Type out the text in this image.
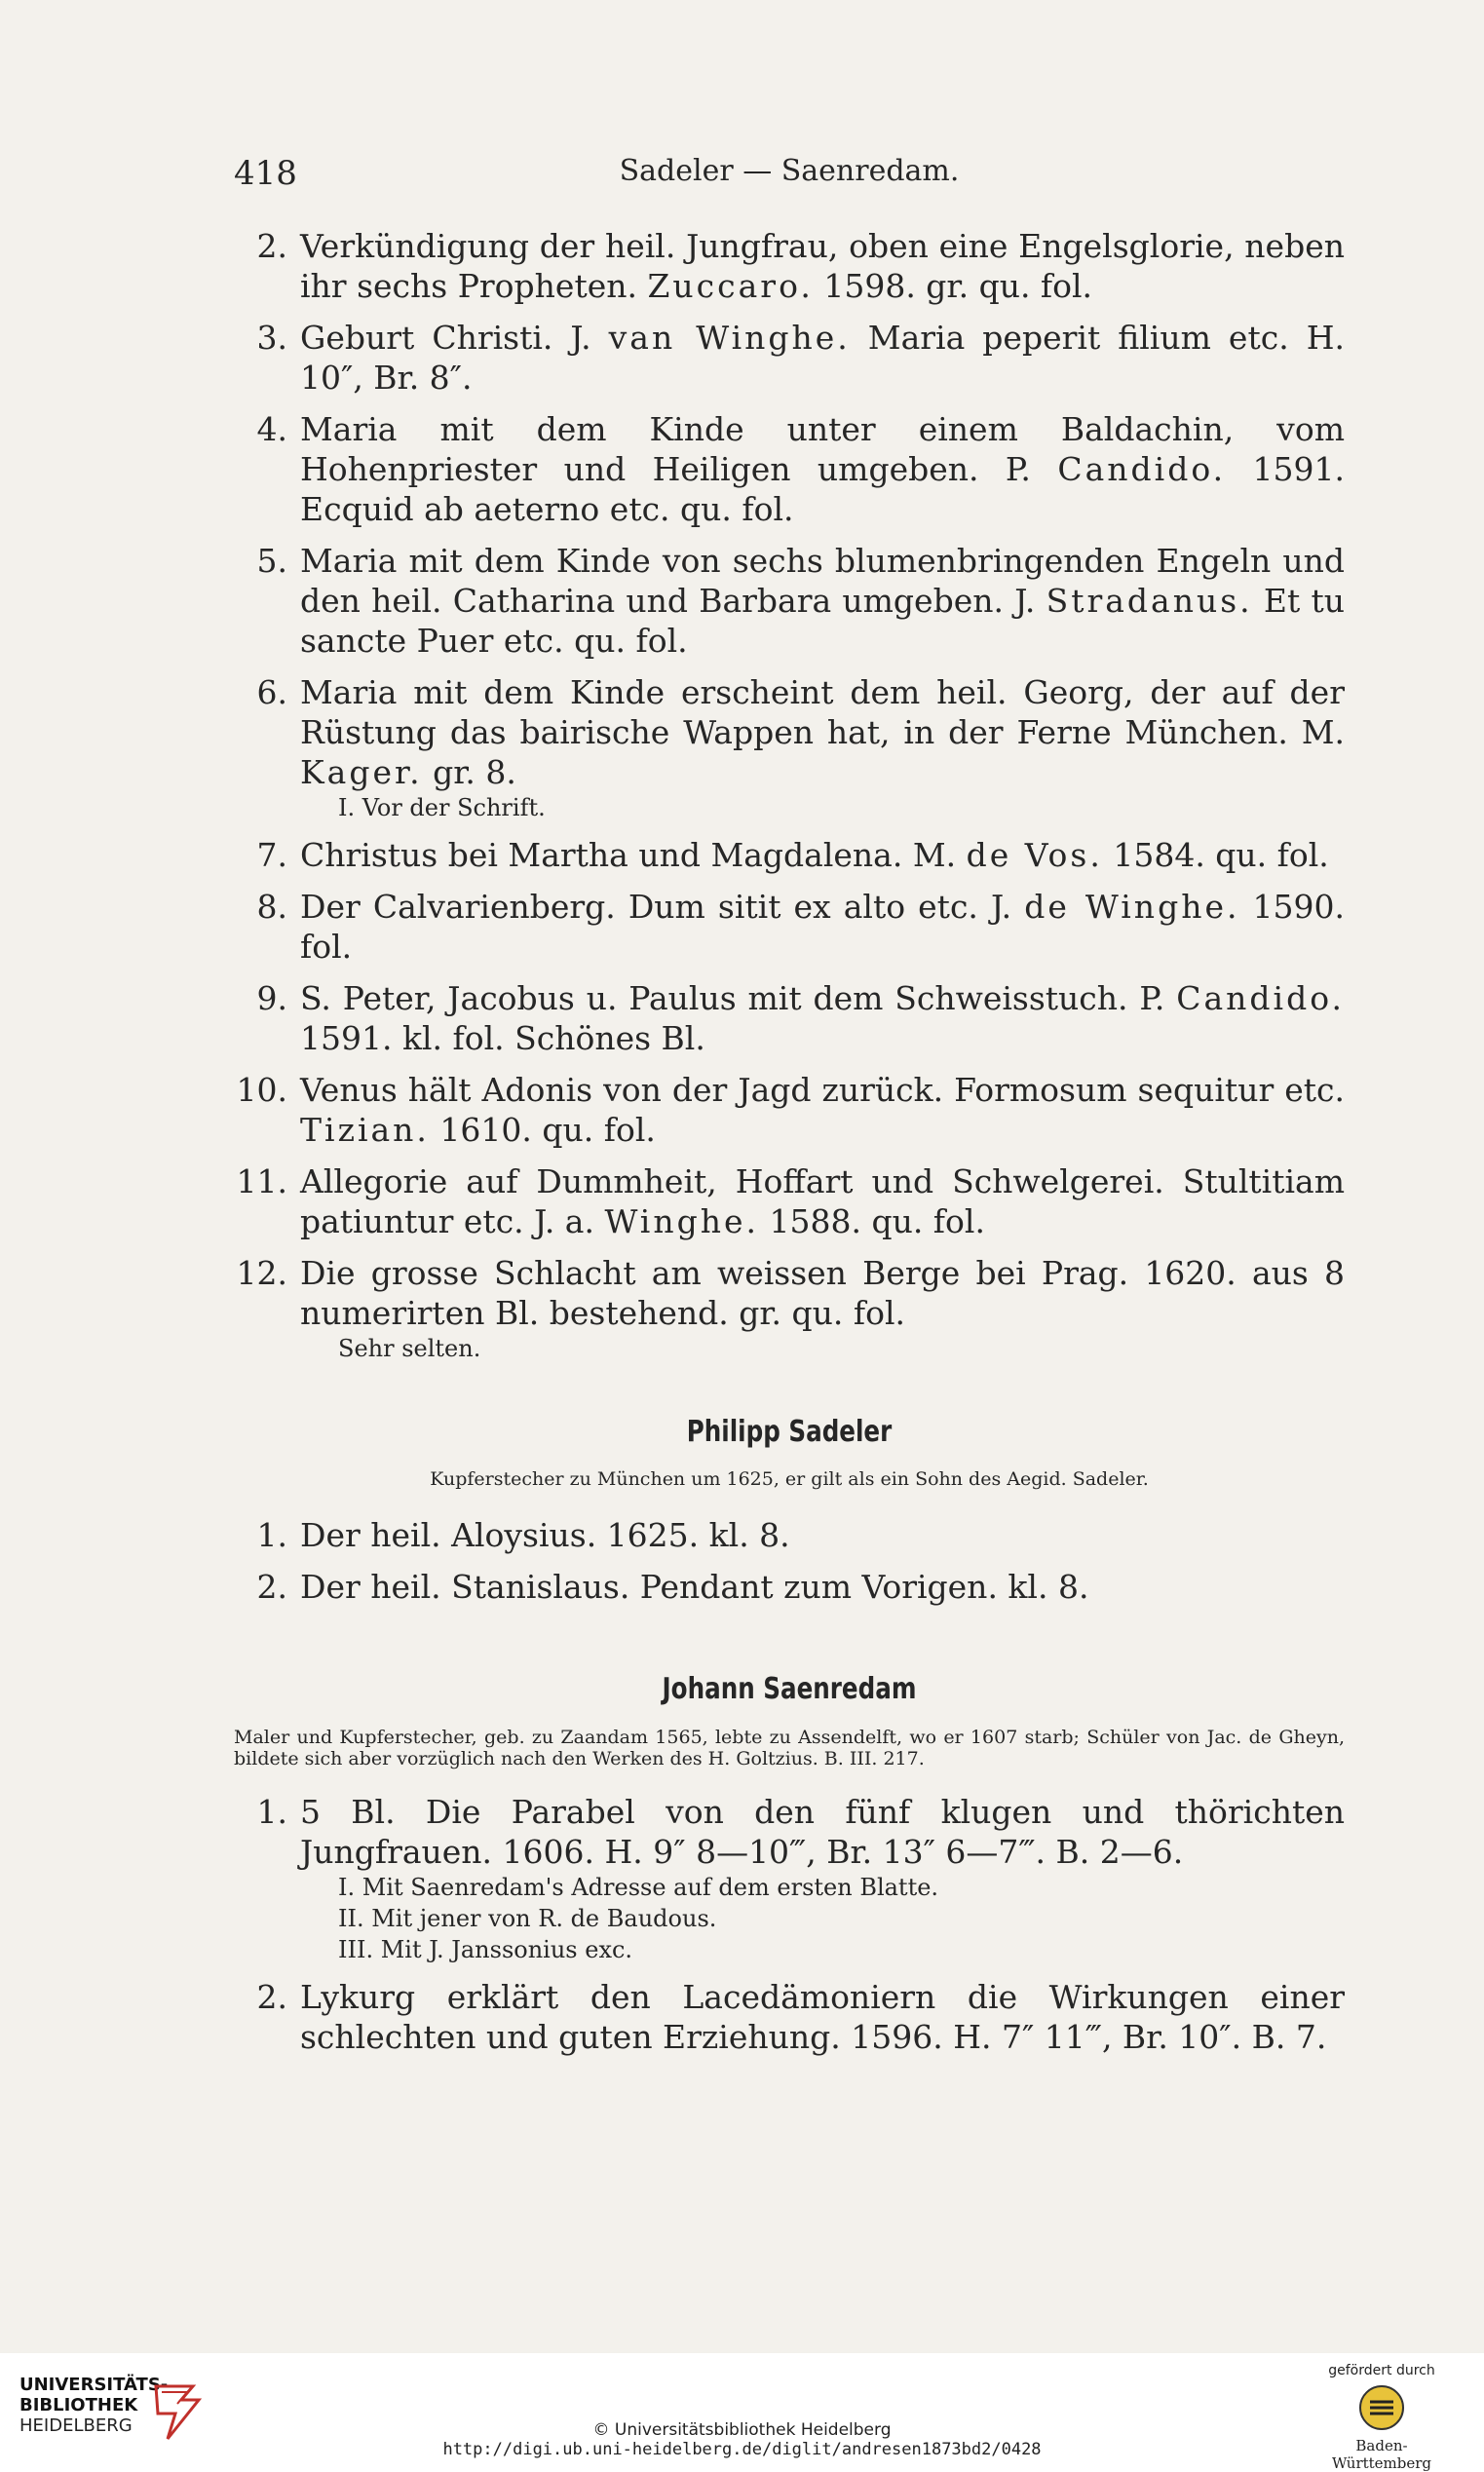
418	Sadeler — Saenredam.
2. Verkündigung der heil. Jungfrau, oben eine Engelsglorie, neben ihr sechs Propheten. Zuccaro. 1598. gr. qu. fol.
3. Geburt Christi. J. van Winghe. Maria peperit filium etc. H. 10″, Br. 8″.
4. Maria mit dem Kinde unter einem Baldachin, vom Hohenpriester und Heiligen umgeben. P. Candido. 1591. Ecquid ab aeterno etc. qu. fol.
5. Maria mit dem Kinde von sechs blumenbringenden Engeln und den heil. Catharina und Barbara umgeben. J. Stradanus. Et tu sancte Puer etc. qu. fol.
6. Maria mit dem Kinde erscheint dem heil. Georg, der auf der Rüstung das bairische Wappen hat, in der Ferne München. M. Kager. gr. 8.
I. Vor der Schrift.
7. Christus bei Martha und Magdalena. M. de Vos. 1584. qu. fol.
8. Der Calvarienberg. Dum sitit ex alto etc. J. de Winghe. 1590. fol.
9. S. Peter, Jacobus u. Paulus mit dem Schweisstuch. P. Candido. 1591. kl. fol. Schönes Bl.
10. Venus hält Adonis von der Jagd zurück. Formosum sequitur etc. Tizian. 1610. qu. fol.
11. Allegorie auf Dummheit, Hoffart und Schwelgerei. Stultitiam patiuntur etc. J. a. Winghe. 1588. qu. fol.
12. Die grosse Schlacht am weissen Berge bei Prag. 1620. aus 8 numerirten Bl. bestehend. gr. qu. fol.
Sehr selten.
Philipp Sadeler
Kupferstecher zu München um 1625, er gilt als ein Sohn des Aegid. Sadeler.
1. Der heil. Aloysius. 1625. kl. 8.
2. Der heil. Stanislaus. Pendant zum Vorigen. kl. 8.
Johann Saenredam
Maler und Kupferstecher, geb. zu Zaandam 1565, lebte zu Assendelft, wo er 1607 starb; Schüler von Jac. de Gheyn, bildete sich aber vorzüglich nach den Werken des H. Goltzius. B. III. 217.
1. 5 Bl. Die Parabel von den fünf klugen und thörichten Jungfrauen. 1606. H. 9″ 8—10‴, Br. 13″ 6—7‴. B. 2—6.
I. Mit Saenredam's Adresse auf dem ersten Blatte.
II. Mit jener von R. de Baudous.
III. Mit J. Janssonius exc.
2. Lykurg erklärt den Lacedämoniern die Wirkungen einer schlechten und guten Erziehung. 1596. H. 7″ 11‴, Br. 10″. B. 7.
UNIVERSITÄTS-
BIBLIOTHEK
HEIDELBERG	© Universitätsbibliothek Heidelberg
http://digi.ub.uni-heidelberg.de/diglit/andresen1873bd2/0428
gefördert durch
Baden-Württemberg
